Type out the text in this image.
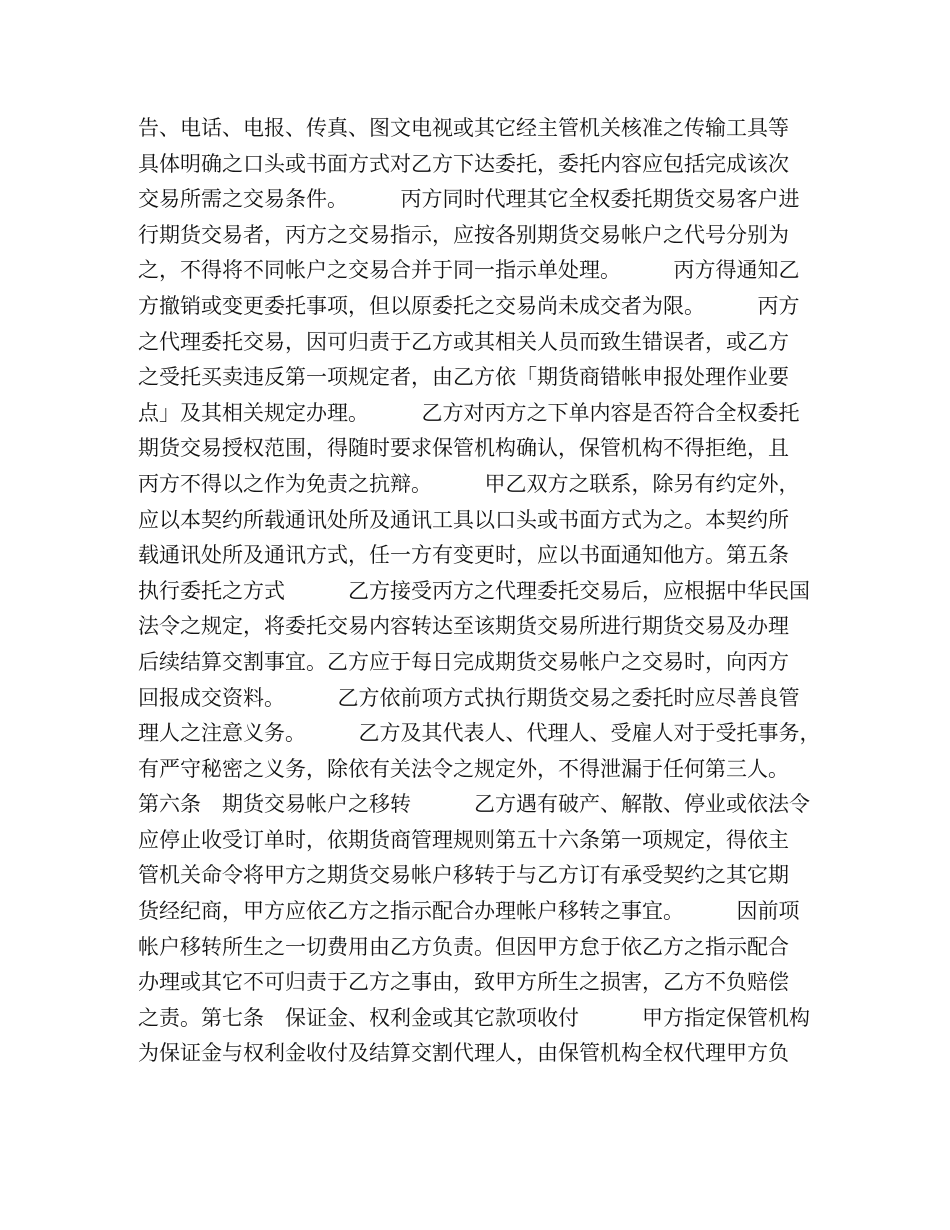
告、电话、电报、传真、图文电视或其它经主管机关核准之传输工具等
具体明确之口头或书面方式对乙方下达委托，委托内容应包括完成该次
交易所需之交易条件。　　　丙方同时代理其它全权委托期货交易客户进
行期货交易者，丙方之交易指示，应按各别期货交易帐户之代号分别为
之，不得将不同帐户之交易合并于同一指示单处理。　　　丙方得通知乙
方撤销或变更委托事项，但以原委托之交易尚未成交者为限。　　　丙方
之代理委托交易，因可归责于乙方或其相关人员而致生错误者，或乙方
之受托买卖违反第一项规定者，由乙方依「期货商错帐申报处理作业要
点」及其相关规定办理。　　　乙方对丙方之下单内容是否符合全权委托
期货交易授权范围，得随时要求保管机构确认，保管机构不得拒绝，且
丙方不得以之作为免责之抗辩。　　　甲乙双方之联系，除另有约定外，
应以本契约所载通讯处所及通讯工具以口头或书面方式为之。本契约所
载通讯处所及通讯方式，任一方有变更时，应以书面通知他方。第五条
执行委托之方式　　　乙方接受丙方之代理委托交易后，应根据中华民国
法令之规定，将委托交易内容转达至该期货交易所进行期货交易及办理
后续结算交割事宜。乙方应于每日完成期货交易帐户之交易时，向丙方
回报成交资料。　　　乙方依前项方式执行期货交易之委托时应尽善良管
理人之注意义务。　　　乙方及其代表人、代理人、受雇人对于受托事务，
有严守秘密之义务，除依有关法令之规定外，不得泄漏于任何第三人。
第六条　期货交易帐户之移转　　　乙方遇有破产、解散、停业或依法令
应停止收受订单时，依期货商管理规则第五十六条第一项规定，得依主
管机关命令将甲方之期货交易帐户移转于与乙方订有承受契约之其它期
货经纪商，甲方应依乙方之指示配合办理帐户移转之事宜。　　　因前项
帐户移转所生之一切费用由乙方负责。但因甲方怠于依乙方之指示配合
办理或其它不可归责于乙方之事由，致甲方所生之损害，乙方不负赔偿
之责。第七条　保证金、权利金或其它款项收付　　　甲方指定保管机构
为保证金与权利金收付及结算交割代理人，由保管机构全权代理甲方负
